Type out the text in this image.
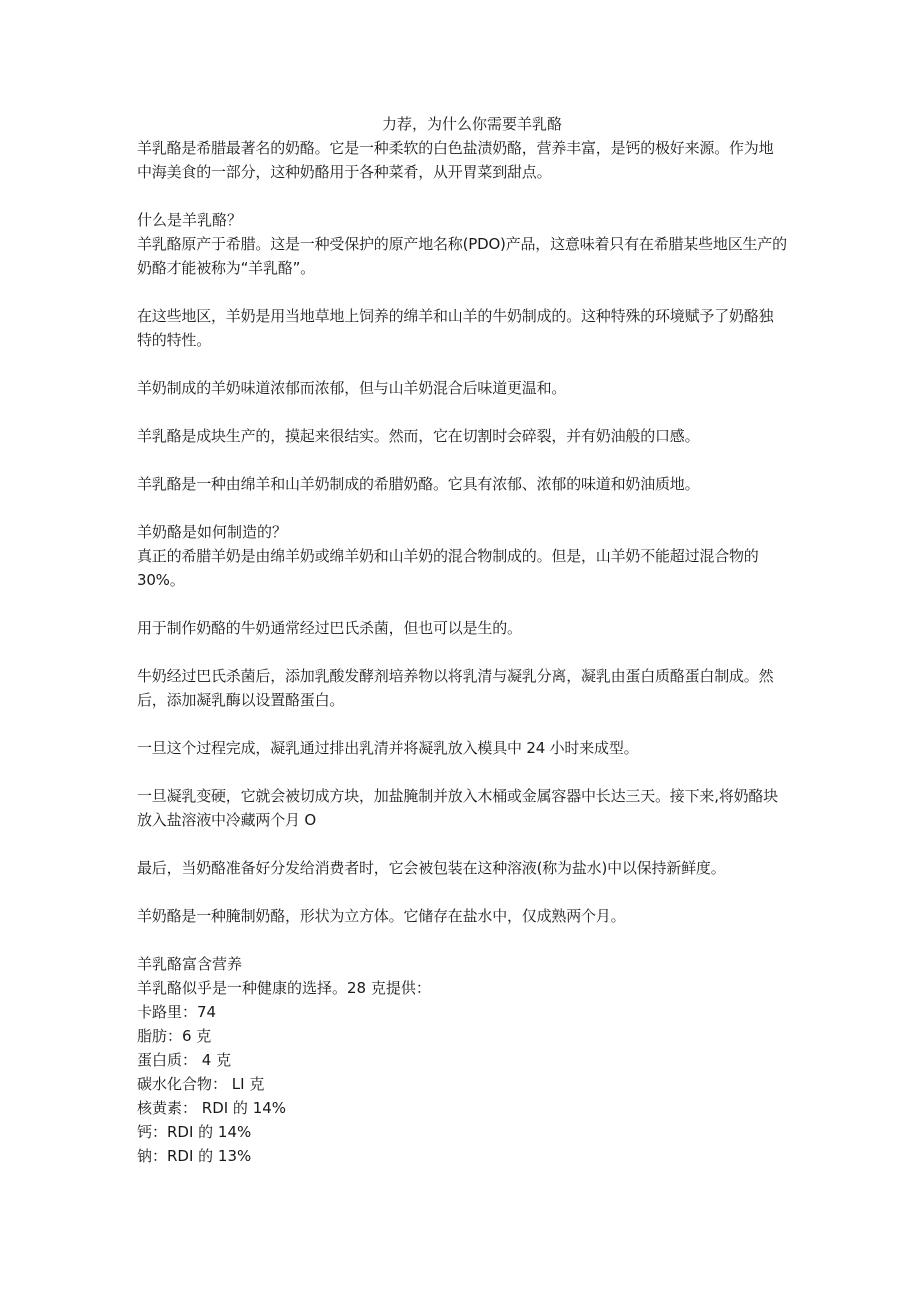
力荐，为什么你需要羊乳酪

羊乳酪是希腊最著名的奶酪。它是一种柔软的白色盐渍奶酪，营养丰富，是钙的极好来源。作为地中海美食的一部分，这种奶酪用于各种菜肴，从开胃菜到甜点。

什么是羊乳酪？

羊乳酪原产于希腊。这是一种受保护的原产地名称(PDO)产品，这意味着只有在希腊某些地区生产的奶酪才能被称为“羊乳酪”。

在这些地区，羊奶是用当地草地上饲养的绵羊和山羊的牛奶制成的。这种特殊的环境赋予了奶酪独特的特性。

羊奶制成的羊奶味道浓郁而浓郁，但与山羊奶混合后味道更温和。

羊乳酪是成块生产的，摸起来很结实。然而，它在切割时会碎裂，并有奶油般的口感。

羊乳酪是一种由绵羊和山羊奶制成的希腊奶酪。它具有浓郁、浓郁的味道和奶油质地。

羊奶酪是如何制造的？

真正的希腊羊奶是由绵羊奶或绵羊奶和山羊奶的混合物制成的。但是，山羊奶不能超过混合物的 30%。

用于制作奶酪的牛奶通常经过巴氏杀菌，但也可以是生的。

牛奶经过巴氏杀菌后，添加乳酸发酵剂培养物以将乳清与凝乳分离，凝乳由蛋白质酪蛋白制成。然后，添加凝乳酶以设置酪蛋白。

一旦这个过程完成，凝乳通过排出乳清并将凝乳放入模具中 24 小时来成型。

一旦凝乳变硬，它就会被切成方块，加盐腌制并放入木桶或金属容器中长达三天。接下来,将奶酪块放入盐溶液中冷藏两个月 O

最后，当奶酪准备好分发给消费者时，它会被包装在这种溶液(称为盐水)中以保持新鲜度。

羊奶酪是一种腌制奶酪，形状为立方体。它储存在盐水中，仅成熟两个月。

羊乳酪富含营养

羊乳酪似乎是一种健康的选择。28 克提供：

卡路里：74
脂肪：6 克
蛋白质： 4 克
碳水化合物： LI 克
核黄素： RDI 的 14%
钙：RDI 的 14%
钠：RDI 的 13%
